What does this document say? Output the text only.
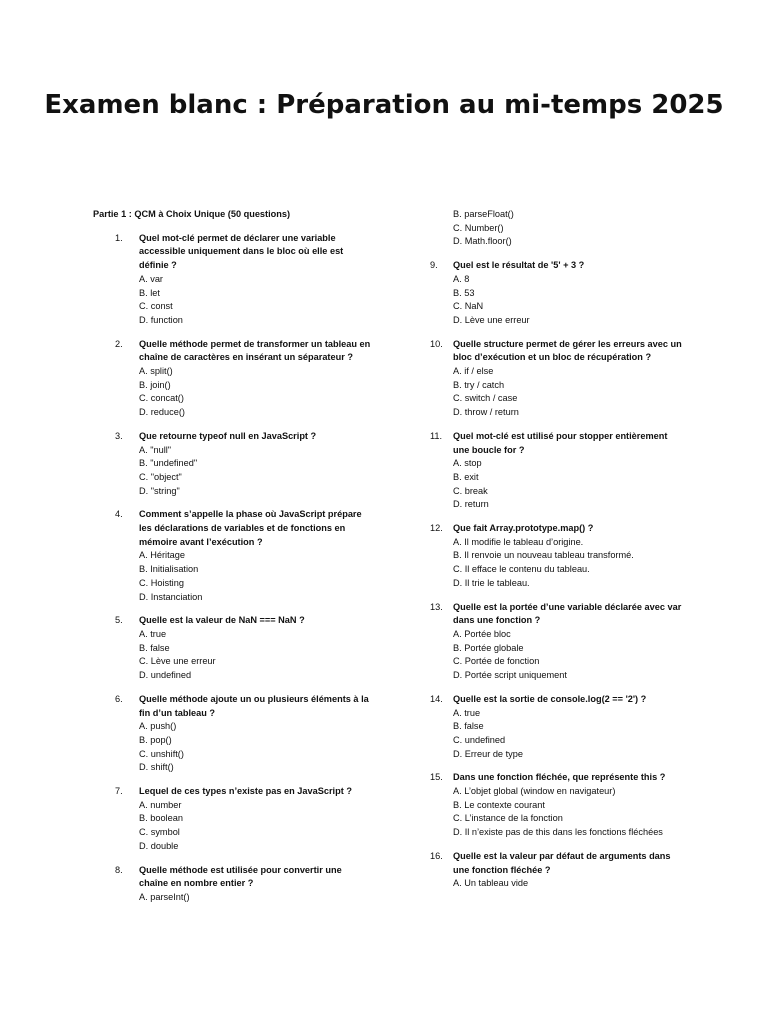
Examen blanc : Préparation au mi-temps 2025
Partie 1 : QCM à Choix Unique (50 questions)
1.	Quel mot-clé permet de déclarer une variable accessible uniquement dans le bloc où elle est définie ?
A. var
B. let
C. const
D. function
2.	Quelle méthode permet de transformer un tableau en chaîne de caractères en insérant un séparateur ?
A. split()
B. join()
C. concat()
D. reduce()
3.	Que retourne typeof null en JavaScript ?
A. "null"
B. "undefined"
C. "object"
D. "string"
4.	Comment s’appelle la phase où JavaScript prépare les déclarations de variables et de fonctions en mémoire avant l’exécution ?
A. Héritage
B. Initialisation
C. Hoisting
D. Instanciation
5.	Quelle est la valeur de NaN === NaN ?
A. true
B. false
C. Lève une erreur
D. undefined
6.	Quelle méthode ajoute un ou plusieurs éléments à la fin d’un tableau ?
A. push()
B. pop()
C. unshift()
D. shift()
7.	Lequel de ces types n’existe pas en JavaScript ?
A. number
B. boolean
C. symbol
D. double
8.	Quelle méthode est utilisée pour convertir une chaîne en nombre entier ?
A. parseInt()
B. parseFloat()
C. Number()
D. Math.floor()
9.	Quel est le résultat de '5' + 3 ?
A. 8
B. 53
C. NaN
D. Lève une erreur
10.	Quelle structure permet de gérer les erreurs avec un bloc d’exécution et un bloc de récupération ?
A. if / else
B. try / catch
C. switch / case
D. throw / return
11.	Quel mot-clé est utilisé pour stopper entièrement une boucle for ?
A. stop
B. exit
C. break
D. return
12.	Que fait Array.prototype.map() ?
A. Il modifie le tableau d’origine.
B. Il renvoie un nouveau tableau transformé.
C. Il efface le contenu du tableau.
D. Il trie le tableau.
13.	Quelle est la portée d’une variable déclarée avec var dans une fonction ?
A. Portée bloc
B. Portée globale
C. Portée de fonction
D. Portée script uniquement
14.	Quelle est la sortie de console.log(2 == '2') ?
A. true
B. false
C. undefined
D. Erreur de type
15.	Dans une fonction fléchée, que représente this ?
A. L’objet global (window en navigateur)
B. Le contexte courant
C. L’instance de la fonction
D. Il n’existe pas de this dans les fonctions fléchées
16.	Quelle est la valeur par défaut de arguments dans une fonction fléchée ?
A. Un tableau vide
